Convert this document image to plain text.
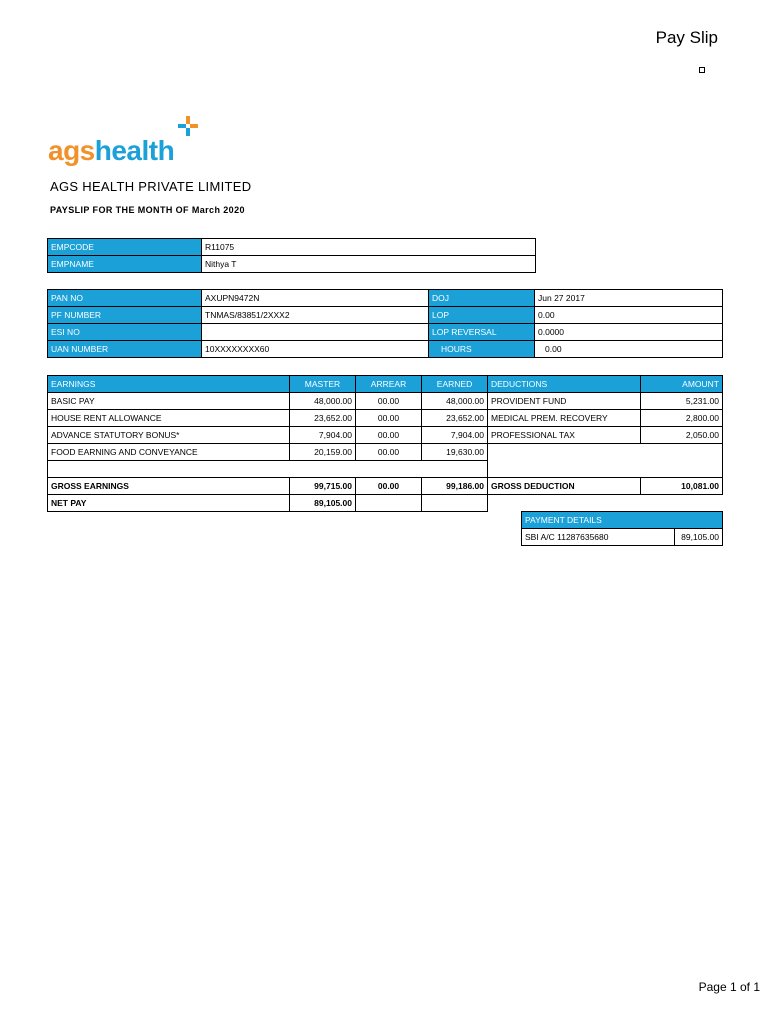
Pay Slip
agshealth
AGS HEALTH PRIVATE LIMITED
PAYSLIP FOR THE MONTH OF March 2020
EMPCODE	R11075
EMPNAME	Nithya T
PAN NO	AXUPN9472N	DOJ	Jun 27 2017
PF NUMBER	TNMAS/83851/2XXX2	LOP	0.00
ESI NO		LOP REVERSAL	0.0000
UAN NUMBER	10XXXXXXXX60	HOURS	0.00
EARNINGS	MASTER	ARREAR	EARNED	DEDUCTIONS	AMOUNT
BASIC PAY	48,000.00	00.00	48,000.00	PROVIDENT FUND	5,231.00
HOUSE RENT ALLOWANCE	23,652.00	00.00	23,652.00	MEDICAL PREM. RECOVERY	2,800.00
ADVANCE STATUTORY BONUS*	7,904.00	00.00	7,904.00	PROFESSIONAL TAX	2,050.00
FOOD EARNING AND CONVEYANCE	20,159.00	00.00	19,630.00		

GROSS EARNINGS	99,715.00	00.00	99,186.00	GROSS DEDUCTION	10,081.00
NET PAY	89,105.00				
PAYMENT DETAILS
SBI A/C 11287635680	89,105.00
Page 1 of 1
